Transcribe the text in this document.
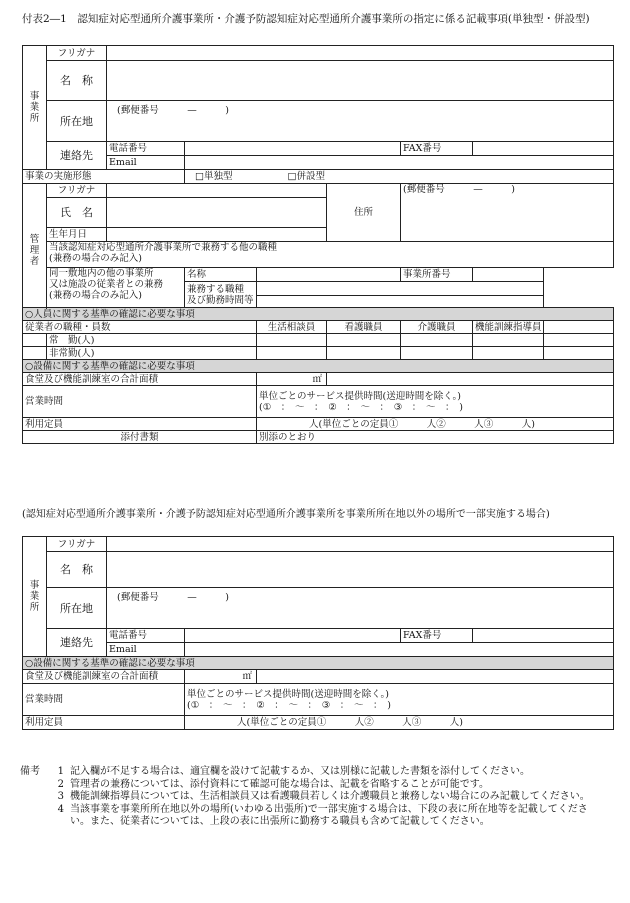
付表2―1　認知症対応型通所介護事業所・介護予防認知症対応型通所介護事業所の指定に係る記載事項(単独型・併設型)
事
業
所	フリガナ							
	名　称							
	所在地	(郵便番号　　　—　　　)						
	連絡先	電話番号				FAX番号		
		Email						
事業の実施形態			□単独型 □併設型					

管
理
者	フリガナ				住所	(郵便番号　　　—　　　)		
	氏　名							
	生年月日							

	当該認知症対応型通所介護事業所で兼務する他の職種
(兼務の場合のみ記入)							

	同一敷地内の他の事業所
又は施設の従業者との兼務
(兼務の場合のみ記入)		名称			事業所番号		

			兼務する職種
及び勤務時間等					

○人員に関する基準の確認に必要な事項								
従業者の職種・員数				生活相談員	看護職員	介護職員	機能訓練指導員	
	常　勤(人)							
	非常勤(人)							
○設備に関する基準の確認に必要な事項								
食堂及び機能訓練室の合計面積				㎡				
営業時間				単位ごとのサービス提供時間(送迎時間を除く。)
(①　：　～　：　②　：　～　：　③　：　～　：　)				

利用定員				人(単位ごとの定員①　　　人②　　　人③　　　人)				
添付書類				別添のとおり				
(認知症対応型通所介護事業所・介護予防認知症対応型通所介護事業所を事業所所在地以外の場所で一部実施する場合)
事
業
所	フリガナ					
	名　称					
	所在地	(郵便番号　　　—　　　)				
	連絡先	電話番号			FAX番号	
		Email				
○設備に関する基準の確認に必要な事項						
食堂及び機能訓練室の合計面積			㎡			
営業時間			単位ごとのサービス提供時間(送迎時間を除く。)
(①　：　～　：　②　：　～　：　③　：　～　：　)			

利用定員			人(単位ごとの定員①　　　人②　　　人③　　　人)			
備考	1 記入欄が不足する場合は、適宜欄を設けて記載するか、又は別様に記載した書類を添付してください。
2 管理者の兼務については、添付資料にて確認可能な場合は、記載を省略することが可能です。
3 機能訓練指導員については、生活相談員又は看護職員若しくは介護職員と兼務しない場合にのみ記載してください。
4 当該事業を事業所所在地以外の場所(いわゆる出張所)で一部実施する場合は、下段の表に所在地等を記載してください。また、従業者については、上段の表に出張所に勤務する職員も含めて記載してください。
